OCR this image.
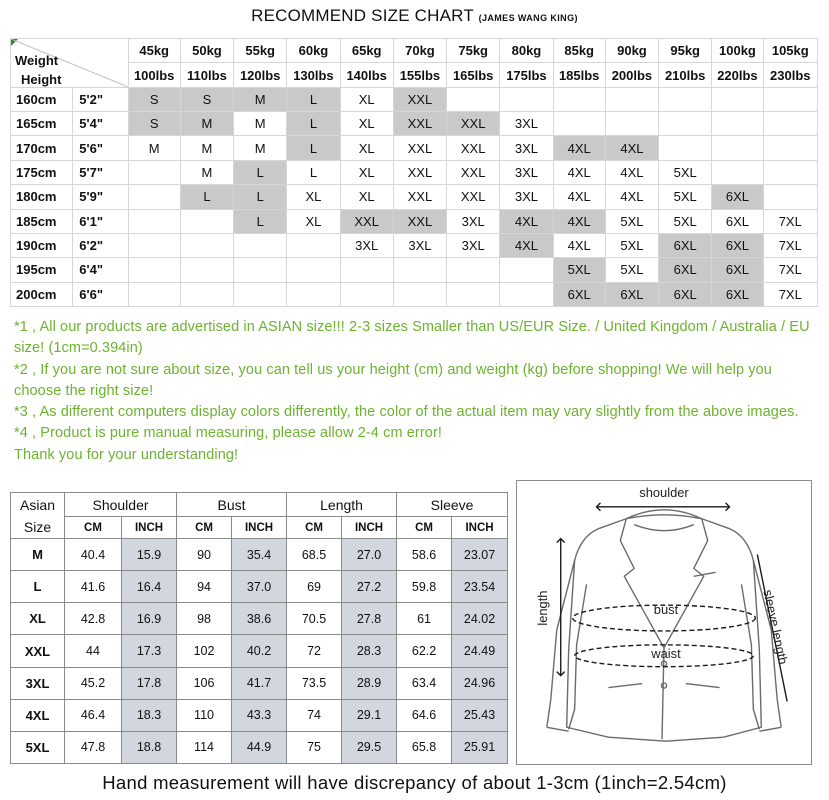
RECOMMEND SIZE CHART (JAMES WANG KING)
Weight
Height		45kg	50kg	55kg	60kg	65kg	70kg	75kg	80kg	85kg	90kg	95kg	100kg	105kg
		100lbs	110lbs	120lbs	130lbs	140lbs	155lbs	165lbs	175lbs	185lbs	200lbs	210lbs	220lbs	230lbs
160cm	5'2"	S	S	M	L	XL	XXL							
165cm	5'4"	S	M	M	L	XL	XXL	XXL	3XL					
170cm	5'6"	M	M	M	L	XL	XXL	XXL	3XL	4XL	4XL			
175cm	5'7"		M	L	L	XL	XXL	XXL	3XL	4XL	4XL	5XL		
180cm	5'9"		L	L	XL	XL	XXL	XXL	3XL	4XL	4XL	5XL	6XL	
185cm	6'1"			L	XL	XXL	XXL	3XL	4XL	4XL	5XL	5XL	6XL	7XL
190cm	6'2"					3XL	3XL	3XL	4XL	4XL	5XL	6XL	6XL	7XL
195cm	6'4"									5XL	5XL	6XL	6XL	7XL
200cm	6'6"									6XL	6XL	6XL	6XL	7XL

*1 , All our products are advertised in ASIAN size!!! 2-3 sizes Smaller than US/EUR Size. / United Kingdom / Australia / EU size! (1cm=0.394in)

*2 , If you are not sure about size, you can tell us your height (cm) and weight (kg) before shopping! We will help you choose the right size!

*3 , As different computers display colors differently, the color of the actual item may vary slightly from the above images.

*4 , Product is pure manual measuring, please allow 2-4 cm error!

Thank you for your understanding!

Asian
Size	Shoulder		Bust		Length		Sleeve	
	CM	INCH	CM	INCH	CM	INCH	CM	INCH
M	40.4	15.9	90	35.4	68.5	27.0	58.6	23.07
L	41.6	16.4	94	37.0	69	27.2	59.8	23.54
XL	42.8	16.9	98	38.6	70.5	27.8	61	24.02
XXL	44	17.3	102	40.2	72	28.3	62.2	24.49
3XL	45.2	17.8	106	41.7	73.5	28.9	63.4	24.96
4XL	46.4	18.3	110	43.3	74	29.1	64.6	25.43
5XL	47.8	18.8	114	44.9	75	29.5	65.8	25.91
shoulder
length	bust
waist	sleeve length
Hand measurement will have discrepancy of about 1-3cm (1inch=2.54cm)
